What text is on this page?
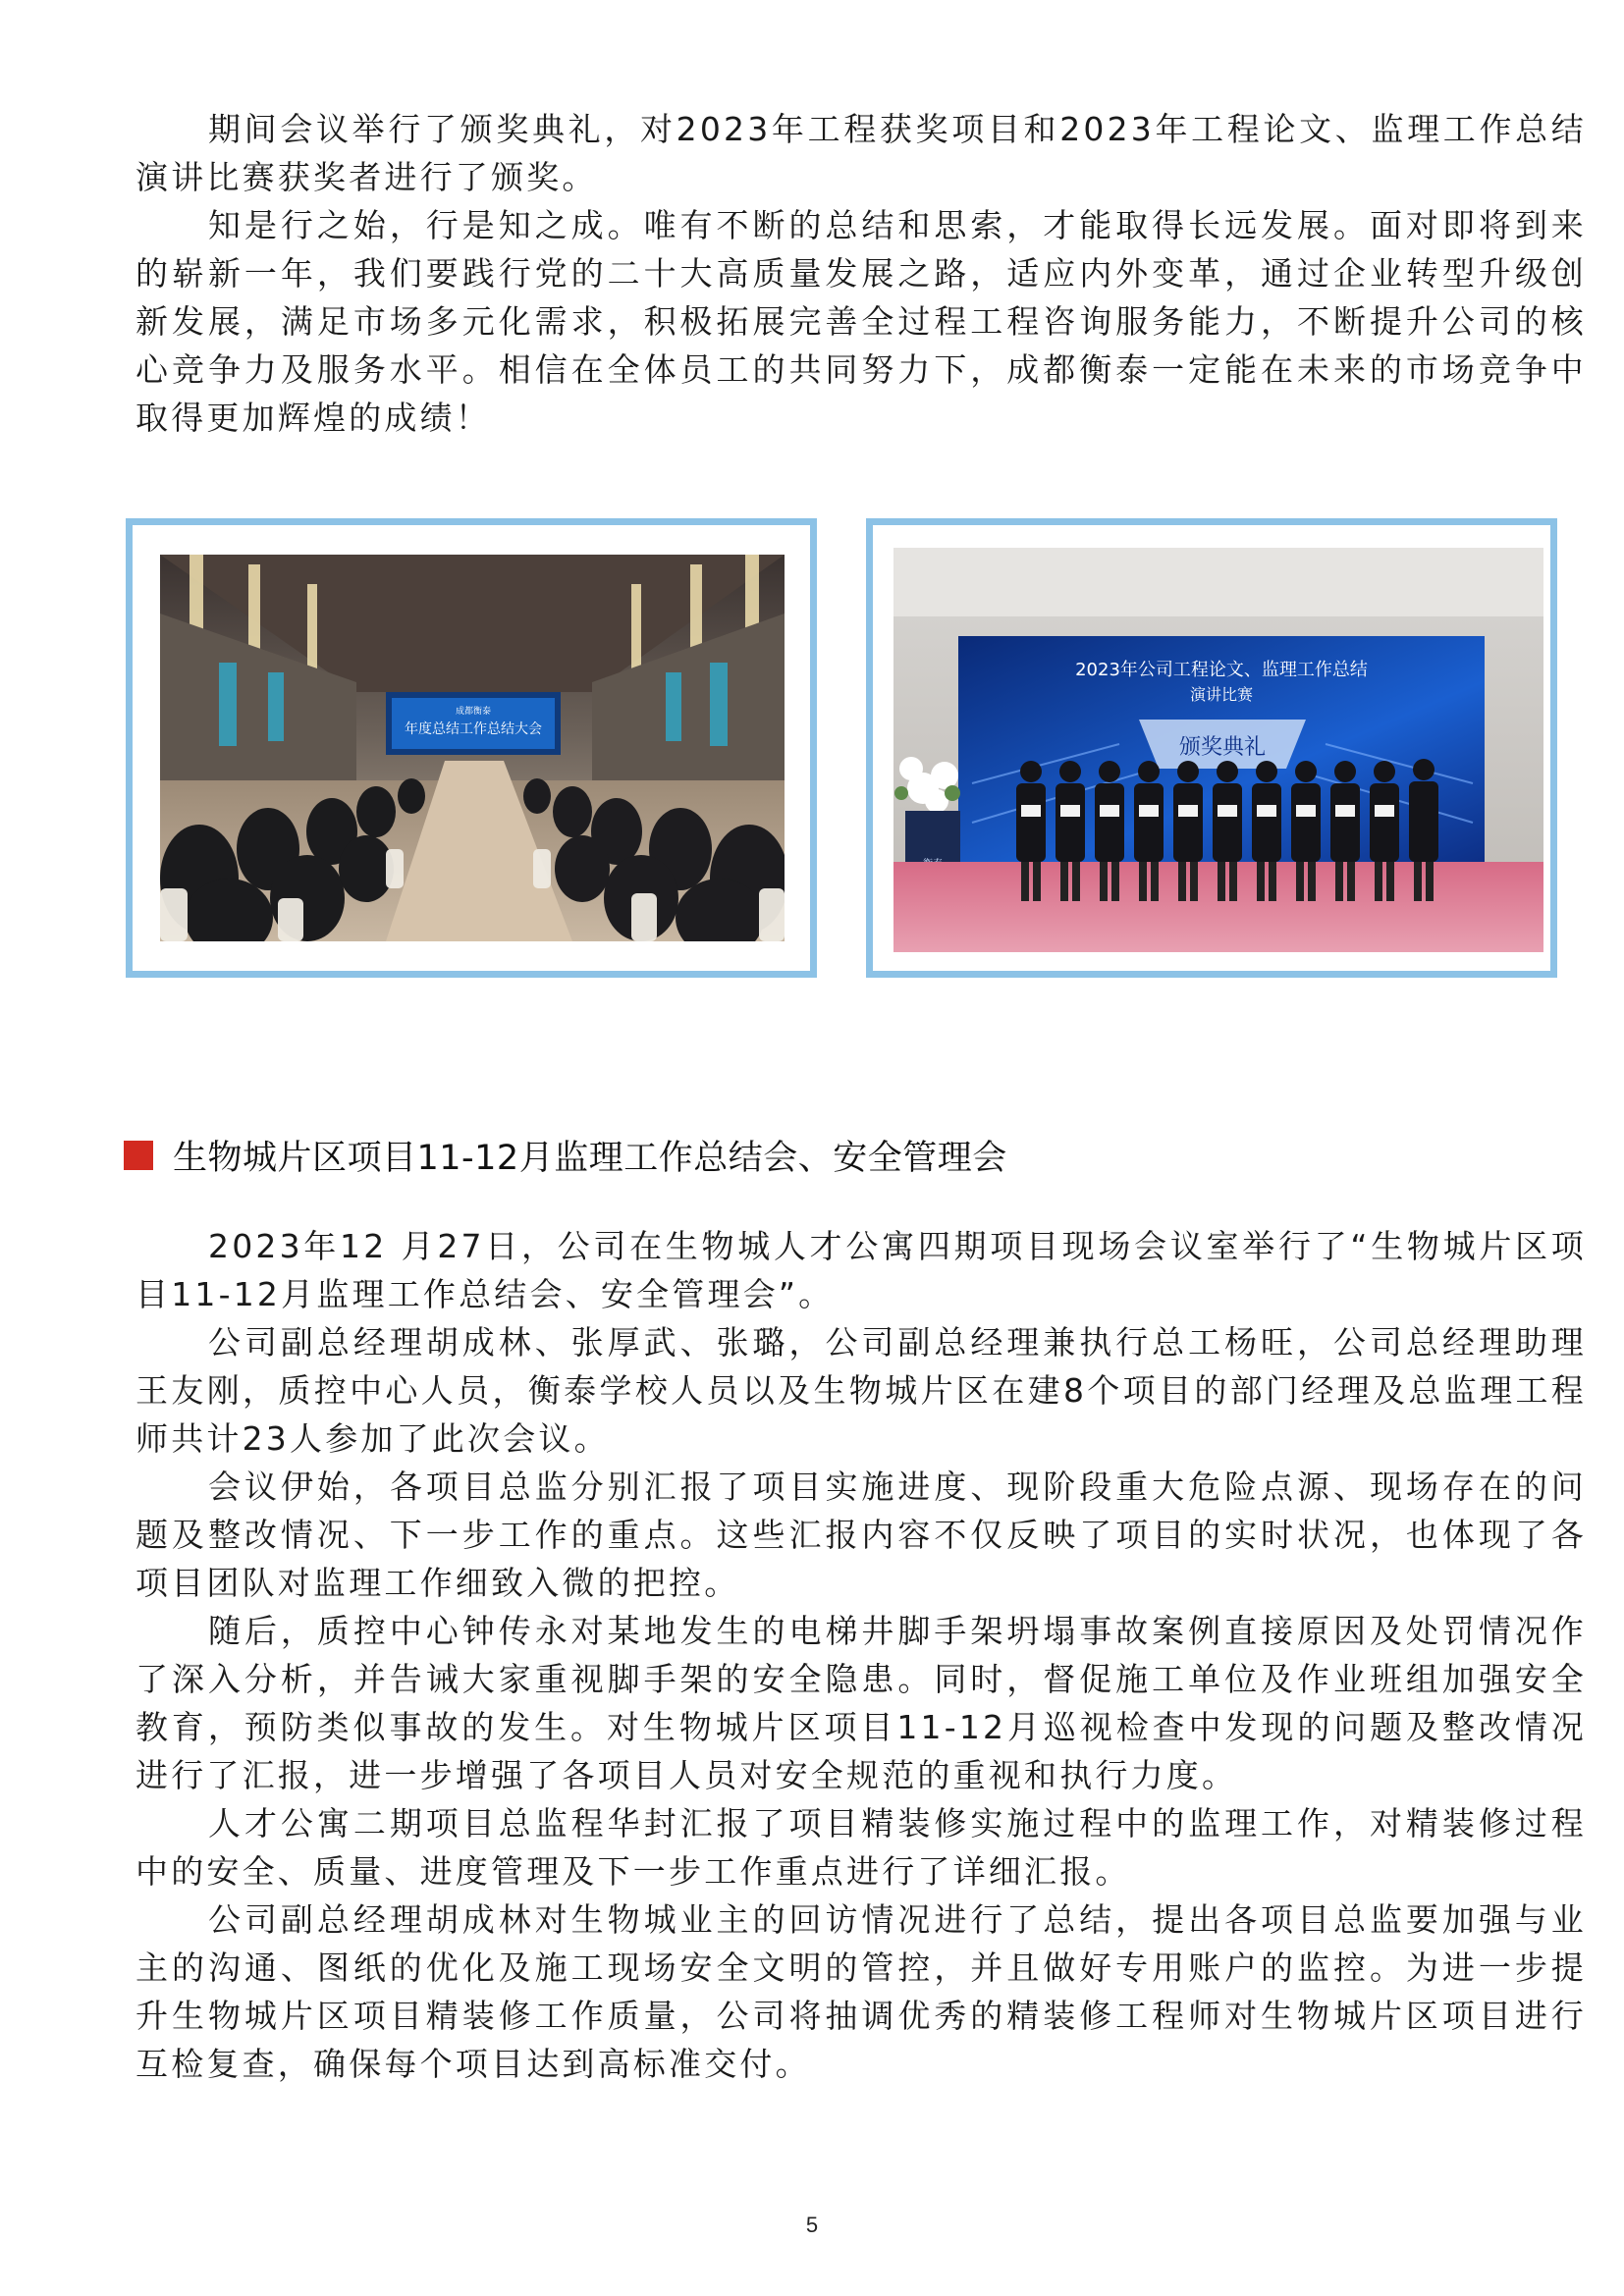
期间会议举行了颁奖典礼，对2023年工程获奖项目和2023年工程论文、监理工作总结演讲比赛获奖者进行了颁奖。

知是行之始，行是知之成。唯有不断的总结和思索，才能取得长远发展。面对即将到来的崭新一年，我们要践行党的二十大高质量发展之路，适应内外变革，通过企业转型升级创新发展，满足市场多元化需求，积极拓展完善全过程工程咨询服务能力，不断提升公司的核心竞争力及服务水平。相信在全体员工的共同努力下，成都衡泰一定能在未来的市场竞争中取得更加辉煌的成绩！

成都衡泰
年度总结工作总结大会
2023年公司工程论文、监理工作总结
演讲比赛
颁奖典礼
生物城片区项目11-12月监理工作总结会、安全管理会

2023年12 月27日，公司在生物城人才公寓四期项目现场会议室举行了“生物城片区项目11-12月监理工作总结会、安全管理会”。

公司副总经理胡成林、张厚武、张璐，公司副总经理兼执行总工杨旺，公司总经理助理王友刚，质控中心人员，衡泰学校人员以及生物城片区在建8个项目的部门经理及总监理工程师共计23人参加了此次会议。

会议伊始，各项目总监分别汇报了项目实施进度、现阶段重大危险点源、现场存在的问题及整改情况、下一步工作的重点。这些汇报内容不仅反映了项目的实时状况，也体现了各项目团队对监理工作细致入微的把控。

随后，质控中心钟传永对某地发生的电梯井脚手架坍塌事故案例直接原因及处罚情况作了深入分析，并告诫大家重视脚手架的安全隐患。同时，督促施工单位及作业班组加强安全教育，预防类似事故的发生。对生物城片区项目11-12月巡视检查中发现的问题及整改情况进行了汇报，进一步增强了各项目人员对安全规范的重视和执行力度。

人才公寓二期项目总监程华封汇报了项目精装修实施过程中的监理工作，对精装修过程中的安全、质量、进度管理及下一步工作重点进行了详细汇报。

公司副总经理胡成林对生物城业主的回访情况进行了总结，提出各项目总监要加强与业主的沟通、图纸的优化及施工现场安全文明的管控，并且做好专用账户的监控。为进一步提升生物城片区项目精装修工作质量，公司将抽调优秀的精装修工程师对生物城片区项目进行互检复查，确保每个项目达到高标准交付。

5
